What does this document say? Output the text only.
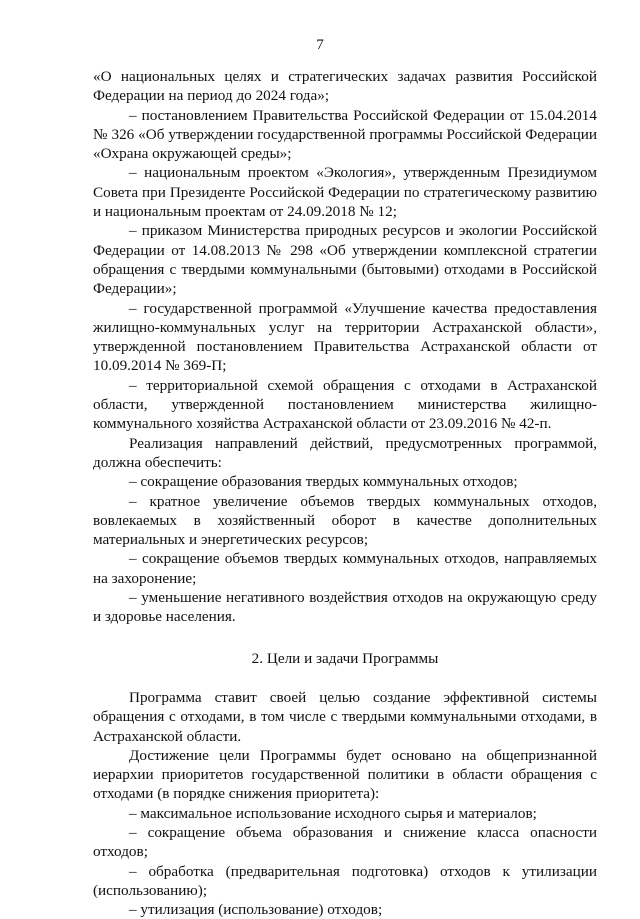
7

«О национальных целях и стратегических задачах развития Российской Федерации на период до 2024 года»;

– постановлением Правительства Российской Федерации от 15.04.2014 № 326 «Об утверждении государственной программы Российской Федерации «Охрана окружающей среды»;

– национальным проектом «Экология», утвержденным Президиумом Совета при Президенте Российской Федерации по стратегическому развитию и национальным проектам от 24.09.2018 № 12;

– приказом Министерства природных ресурсов и экологии Российской Федерации от 14.08.2013 № 298 «Об утверждении комплексной стратегии обращения с твердыми коммунальными (бытовыми) отходами в Российской Федерации»;

– государственной программой «Улучшение качества предоставления жилищно-коммунальных услуг на территории Астраханской области», утвержденной постановлением Правительства Астраханской области от 10.09.2014 № 369-П;

– территориальной схемой обращения с отходами в Астраханской области, утвержденной постановлением министерства жилищно-коммунального хозяйства Астраханской области от 23.09.2016 № 42-п.

Реализация направлений действий, предусмотренных программой, должна обеспечить:

– сокращение образования твердых коммунальных отходов;

– кратное увеличение объемов твердых коммунальных отходов, вовлекаемых в хозяйственный оборот в качестве дополнительных материальных и энергетических ресурсов;

– сокращение объемов твердых коммунальных отходов, направляемых на захоронение;

– уменьшение негативного воздействия отходов на окружающую среду и здоровье населения.

2. Цели и задачи Программы

Программа ставит своей целью создание эффективной системы обращения с отходами, в том числе с твердыми коммунальными отходами, в Астраханской области.

Достижение цели Программы будет основано на общепризнанной иерархии приоритетов государственной политики в области обращения с отходами (в порядке снижения приоритета):

– максимальное использование исходного сырья и материалов;

– сокращение объема образования и снижение класса опасности отходов;

– обработка (предварительная подготовка) отходов к утилизации (использованию);

– утилизация (использование) отходов;
